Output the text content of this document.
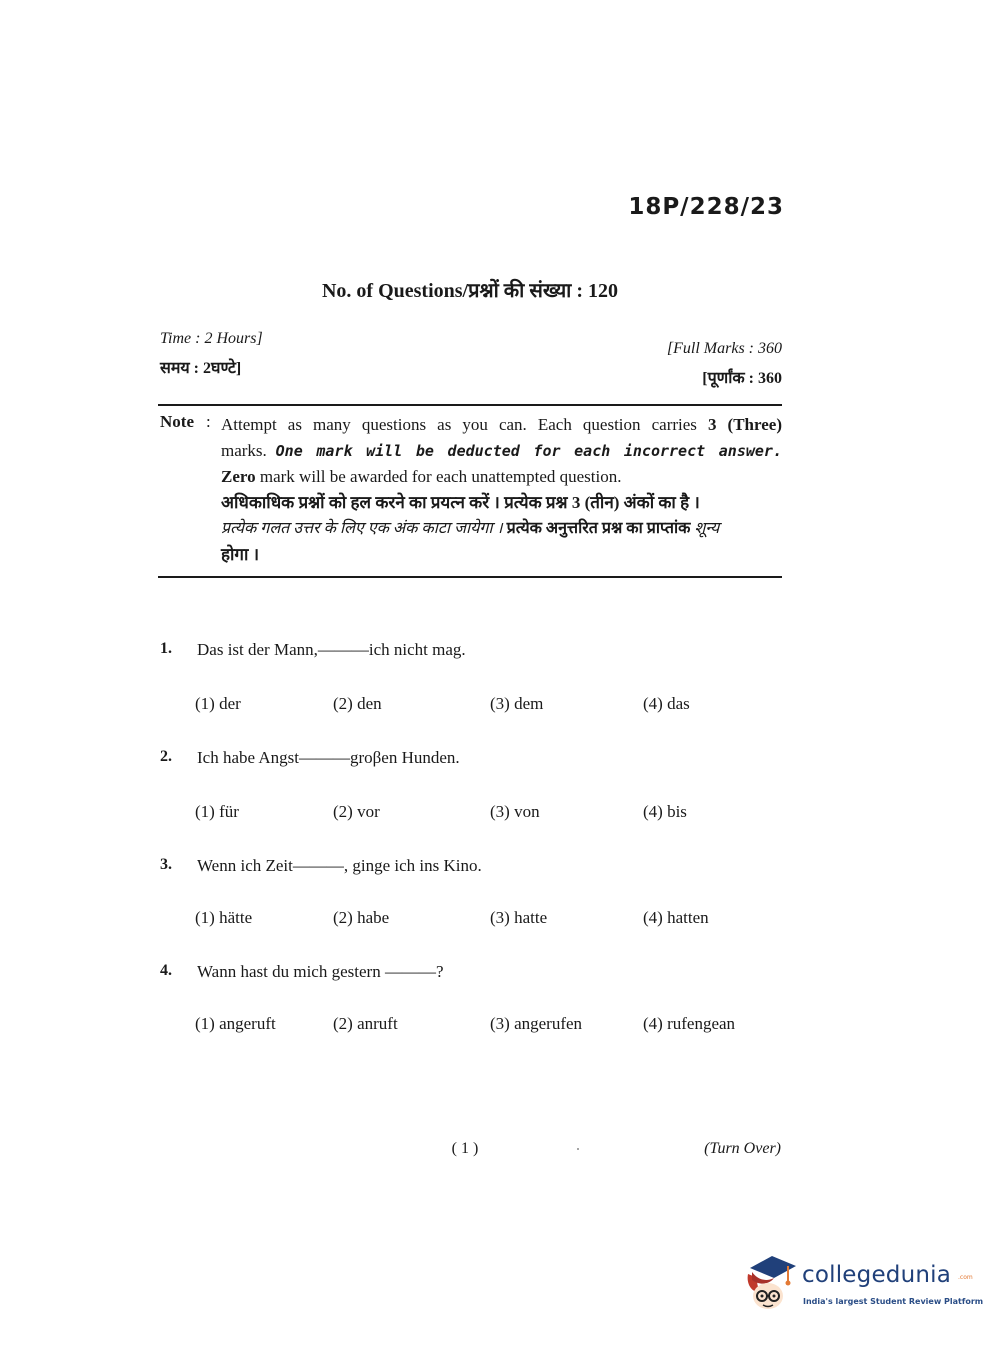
18P/228/23
No. of Questions/प्रश्नों की संख्या : 120
Time : 2 Hours]
समय : 2घण्टे]
[Full Marks : 360
[पूर्णांक : 360
Note : Attempt as many questions as you can. Each question carries 3 (Three)

marks. One mark will be deducted for each incorrect answer.

Zero mark will be awarded for each unattempted question.

अधिकाधिक प्रश्नों को हल करने का प्रयत्न करें । प्रत्येक प्रश्न 3 (तीन) अंकों का है ।

प्रत्येक गलत उत्तर के लिए एक अंक काटा जायेगा । प्रत्येक अनुत्तरित प्रश्न का प्राप्तांक शून्य

होगा ।

1.	Das ist der Mann,———ich nicht mag.
(1) der	(2) den	(3) dem	(4) das
2.	Ich habe Angst———groβen Hunden.
(1) für	(2) vor	(3) von	(4) bis
3.	Wenn ich Zeit———, ginge ich ins Kino.
(1) hätte	(2) habe	(3) hatte	(4) hatten
4.	Wann hast du mich gestern ———?
(1) angeruft	(2) anruft	(3) angerufen	(4) rufengean
( 1 )	(Turn Over)
collegedunia .com
India's largest Student Review Platform
